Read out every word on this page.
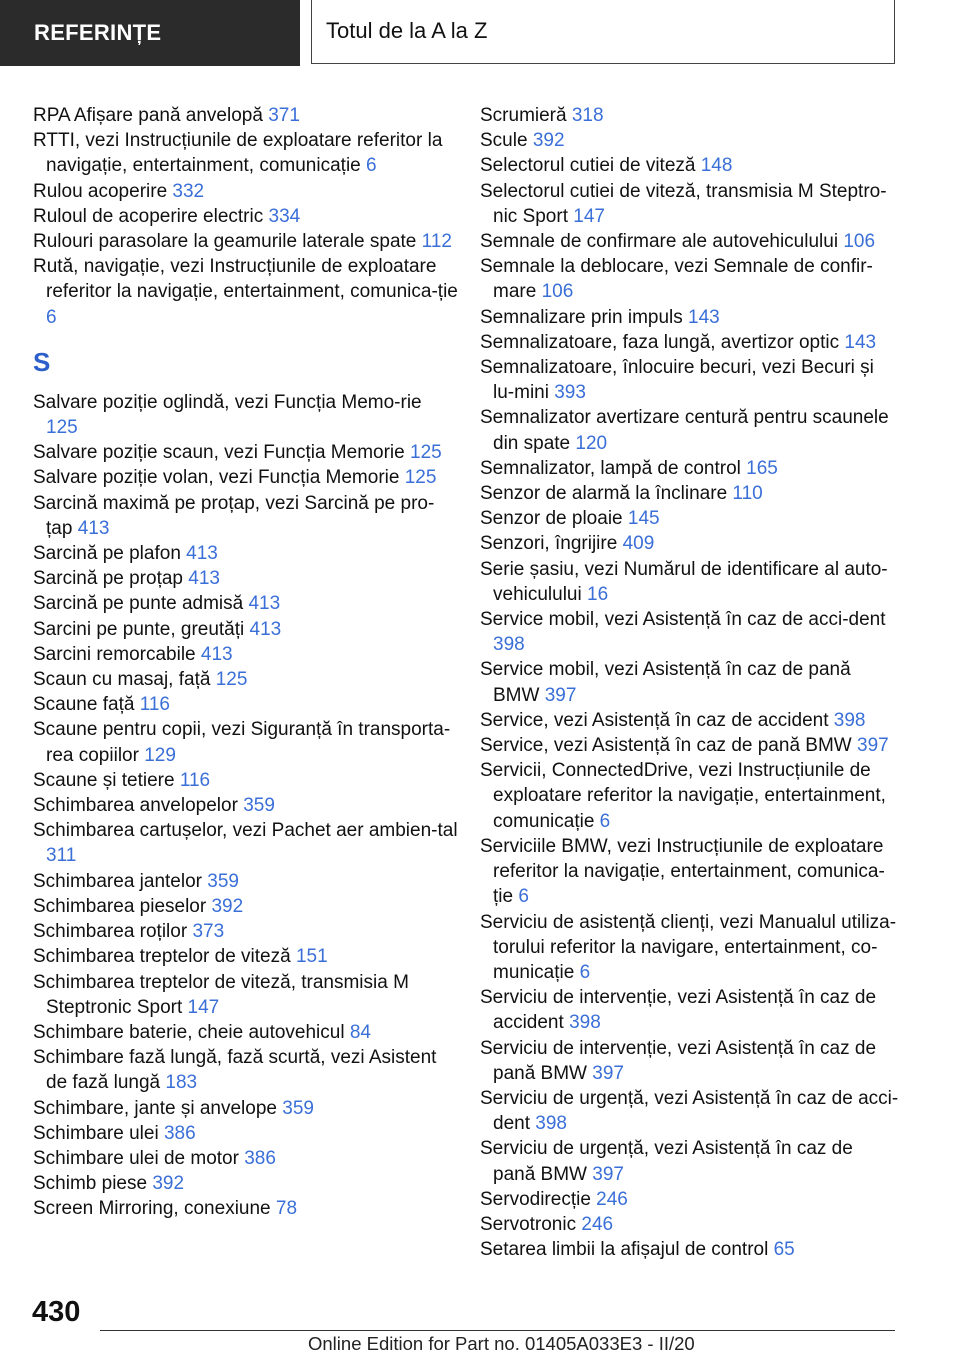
REFERINȚE	Totul de la A la Z
RPA Afișare pană anvelopă 371
RTTI, vezi Instrucțiunile de exploatare referitor la navigație, entertainment, comunicație 6
Rulou acoperire 332
Ruloul de acoperire electric 334
Rulouri parasolare la geamurile laterale spate 112
Rută, navigație, vezi Instrucțiunile de exploatare referitor la navigație, entertainment, comunica-ție 6
S
Salvare poziție oglindă, vezi Funcția Memo-rie 125
Salvare poziție scaun, vezi Funcția Memorie 125
Salvare poziție volan, vezi Funcția Memorie 125
Sarcină maximă pe proțap, vezi Sarcină pe pro-țap 413
Sarcină pe plafon 413
Sarcină pe proțap 413
Sarcină pe punte admisă 413
Sarcini pe punte, greutăți 413
Sarcini remorcabile 413
Scaun cu masaj, față 125
Scaune față 116
Scaune pentru copii, vezi Siguranță în transporta-rea copiilor 129
Scaune și tetiere 116
Schimbarea anvelopelor 359
Schimbarea cartușelor, vezi Pachet aer ambien-tal 311
Schimbarea jantelor 359
Schimbarea pieselor 392
Schimbarea roților 373
Schimbarea treptelor de viteză 151
Schimbarea treptelor de viteză, transmisia M Steptronic Sport 147
Schimbare baterie, cheie autovehicul 84
Schimbare fază lungă, fază scurtă, vezi Asistent de fază lungă 183
Schimbare, jante și anvelope 359
Schimbare ulei 386
Schimbare ulei de motor 386
Schimb piese 392
Screen Mirroring, conexiune 78
Scrumieră 318
Scule 392
Selectorul cutiei de viteză 148
Selectorul cutiei de viteză, transmisia M Steptro-nic Sport 147
Semnale de confirmare ale autovehiculului 106
Semnale la deblocare, vezi Semnale de confir-mare 106
Semnalizare prin impuls 143
Semnalizatoare, faza lungă, avertizor optic 143
Semnalizatoare, înlocuire becuri, vezi Becuri și lu-mini 393
Semnalizator avertizare centură pentru scaunele din spate 120
Semnalizator, lampă de control 165
Senzor de alarmă la înclinare 110
Senzor de ploaie 145
Senzori, îngrijire 409
Serie șasiu, vezi Numărul de identificare al auto-vehiculului 16
Service mobil, vezi Asistență în caz de acci-dent 398
Service mobil, vezi Asistență în caz de pană BMW 397
Service, vezi Asistență în caz de accident 398
Service, vezi Asistență în caz de pană BMW 397
Servicii, ConnectedDrive, vezi Instrucțiunile de exploatare referitor la navigație, entertainment, comunicație 6
Serviciile BMW, vezi Instrucțiunile de exploatare referitor la navigație, entertainment, comunica-ție 6
Serviciu de asistență clienți, vezi Manualul utiliza-torului referitor la navigare, entertainment, co-municație 6
Serviciu de intervenție, vezi Asistență în caz de accident 398
Serviciu de intervenție, vezi Asistență în caz de pană BMW 397
Serviciu de urgență, vezi Asistență în caz de acci-dent 398
Serviciu de urgență, vezi Asistență în caz de pană BMW 397
Servodirecție 246
Servotronic 246
Setarea limbii la afișajul de control 65
430
Online Edition for Part no. 01405A033E3 - II/20
